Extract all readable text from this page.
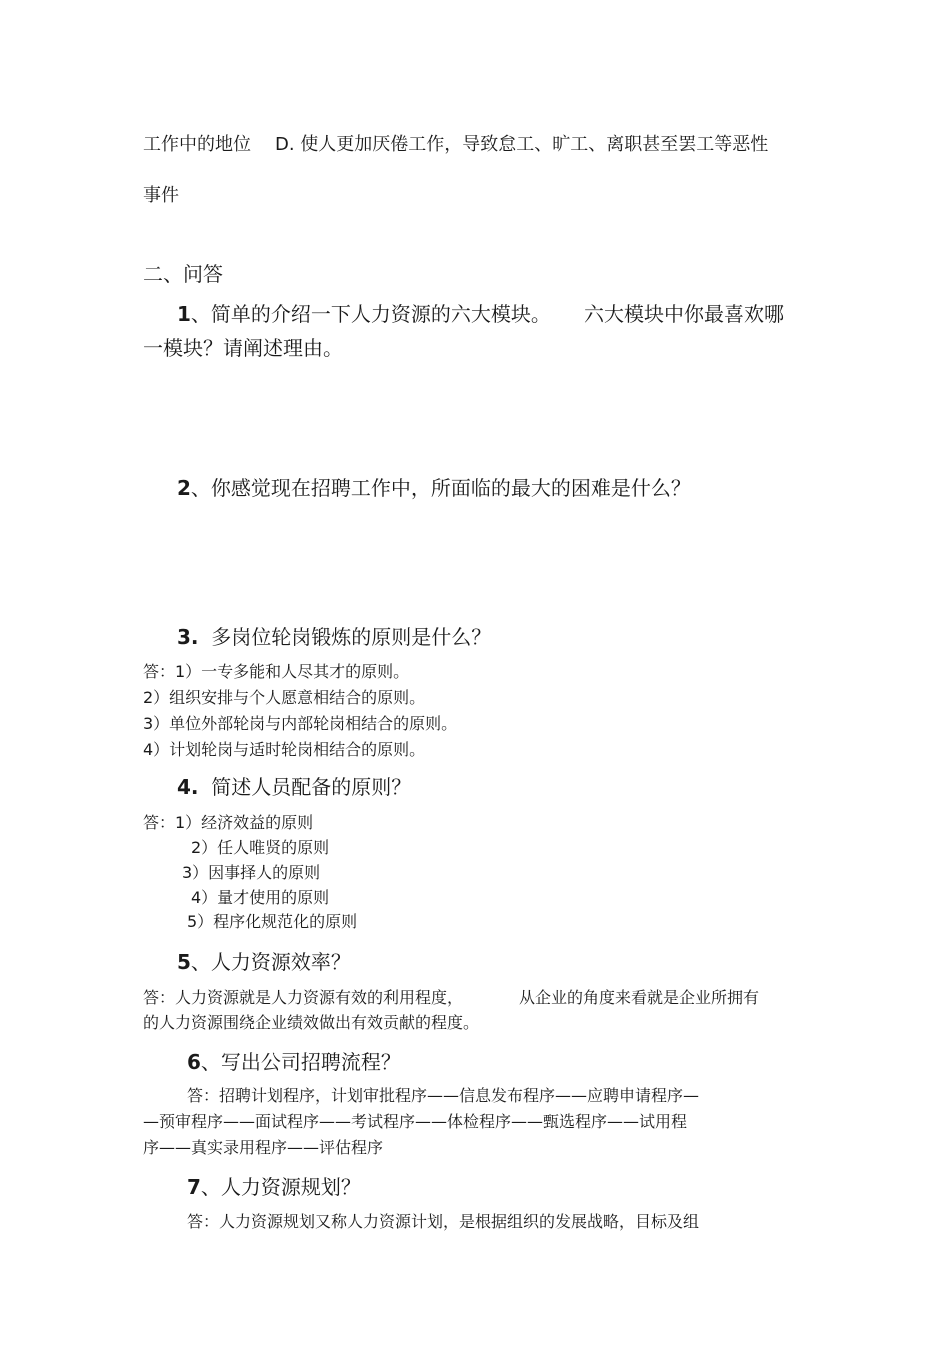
工作中的地位 D. 使人更加厌倦工作，导致怠工、旷工、离职甚至罢工等恶性
事件
二、问答
1、简单的介绍一下人力资源的六大模块。 六大模块中你最喜欢哪
一模块？请阐述理由。
2、你感觉现在招聘工作中，所面临的最大的困难是什么？
3. 多岗位轮岗锻炼的原则是什么？
答：1）一专多能和人尽其才的原则。
2）组织安排与个人愿意相结合的原则。
3）单位外部轮岗与内部轮岗相结合的原则。
4）计划轮岗与适时轮岗相结合的原则。
4. 简述人员配备的原则？
答：1）经济效益的原则
2）任人唯贤的原则
3）因事择人的原则
4）量才使用的原则
5）程序化规范化的原则
5、人力资源效率？
答：人力资源就是人力资源有效的利用程度，	从企业的角度来看就是企业所拥有
的人力资源围绕企业绩效做出有效贡献的程度。
6、写出公司招聘流程？
答：招聘计划程序，计划审批程序——信息发布程序——应聘申请程序—
—预审程序——面试程序——考试程序——体检程序——甄选程序——试用程
序——真实录用程序——评估程序
7、人力资源规划？
答：人力资源规划又称人力资源计划，是根据组织的发展战略，目标及组
